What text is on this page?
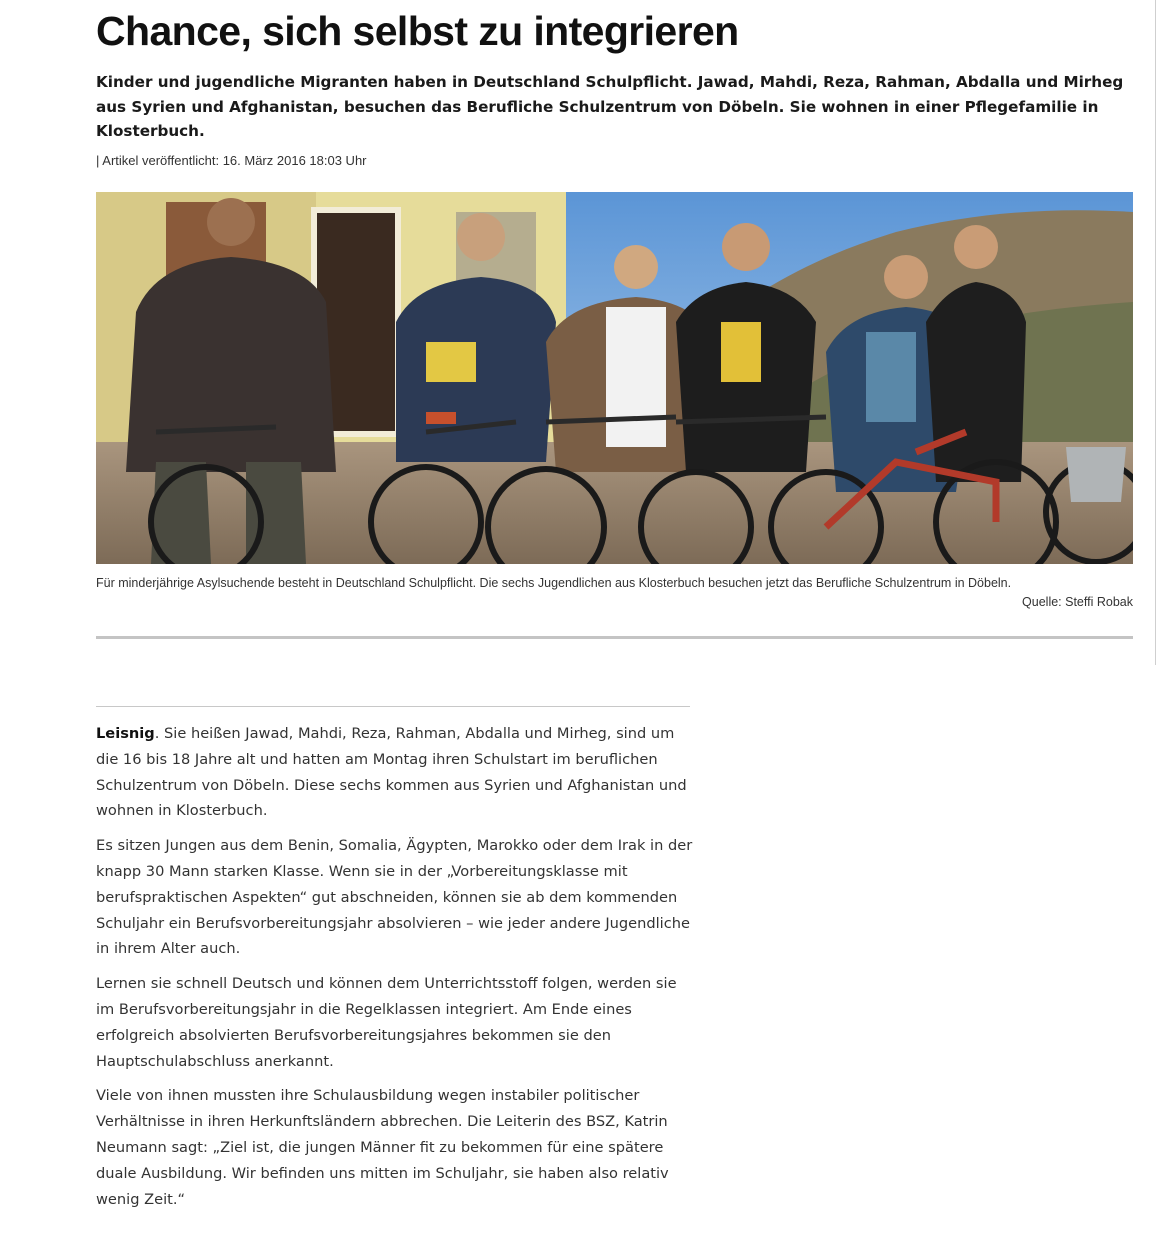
Chance, sich selbst zu integrieren

Kinder und jugendliche Migranten haben in Deutschland Schulpflicht. Jawad, Mahdi, Reza, Rahman, Abdalla und Mirheg aus Syrien und Afghanistan, besuchen das Berufliche Schulzentrum von Döbeln. Sie wohnen in einer Pflegefamilie in Klosterbuch.

| Artikel veröffentlicht: 16. März 2016 18:03 Uhr
Für minderjährige Asylsuchende besteht in Deutschland Schulpflicht. Die sechs Jugendlichen aus Klosterbuch besuchen jetzt das Berufliche Schulzentrum in Döbeln.
Quelle: Steffi Robak

Leisnig. Sie heißen Jawad, Mahdi, Reza, Rahman, Abdalla und Mirheg, sind um die 16 bis 18 Jahre alt und hatten am Montag ihren Schulstart im beruflichen Schulzentrum von Döbeln. Diese sechs kommen aus Syrien und Afghanistan und wohnen in Klosterbuch.

Es sitzen Jungen aus dem Benin, Somalia, Ägypten, Marokko oder dem Irak in der knapp 30 Mann starken Klasse. Wenn sie in der „Vorbereitungsklasse mit berufspraktischen Aspekten“ gut abschneiden, können sie ab dem kommenden Schuljahr ein Berufsvorbereitungsjahr absolvieren – wie jeder andere Jugendliche in ihrem Alter auch.

Lernen sie schnell Deutsch und können dem Unterrichtsstoff folgen, werden sie im Berufsvorbereitungsjahr in die Regelklassen integriert. Am Ende eines erfolgreich absolvierten Berufsvorbereitungsjahres bekommen sie den Hauptschulabschluss anerkannt.

Viele von ihnen mussten ihre Schulausbildung wegen instabiler politischer Verhältnisse in ihren Herkunftsländern abbrechen. Die Leiterin des BSZ, Katrin Neumann sagt: „Ziel ist, die jungen Männer fit zu bekommen für eine spätere duale Ausbildung. Wir befinden uns mitten im Schuljahr, sie haben also relativ wenig Zeit.“
